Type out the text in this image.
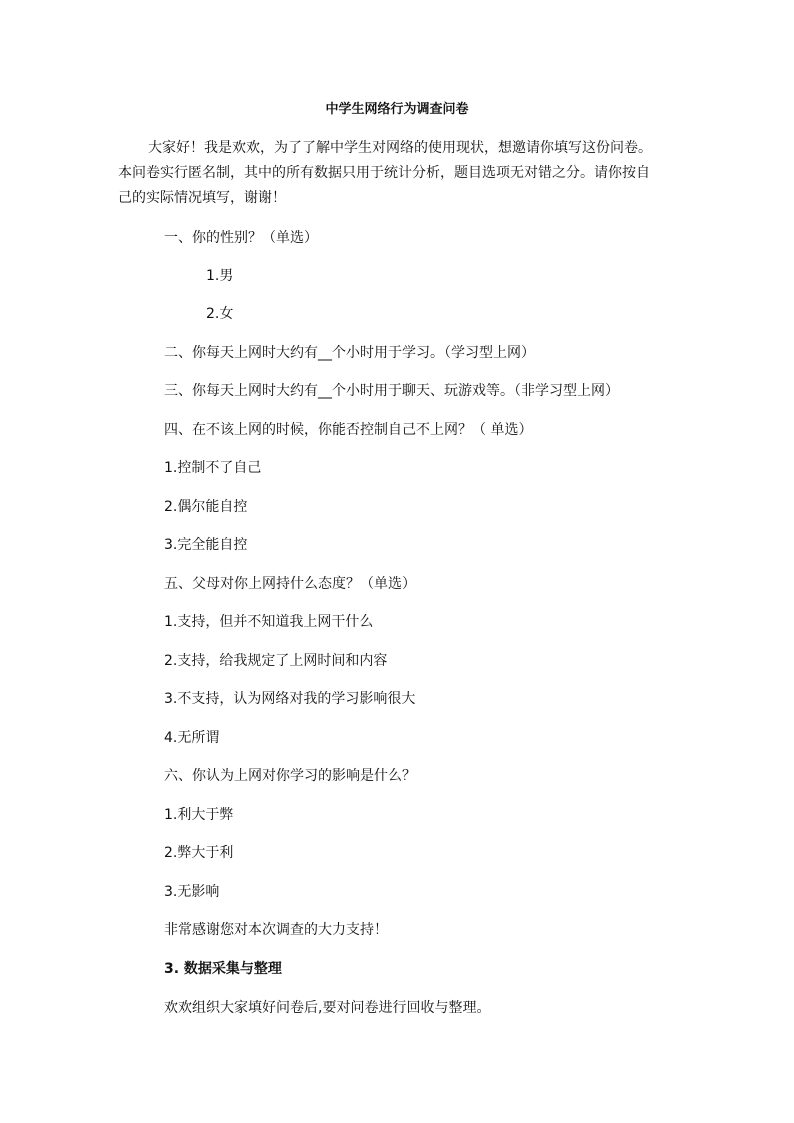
中学生网络行为调查问卷

大家好！我是欢欢，为了了解中学生对网络的使用现状，想邀请你填写这份问卷。

本问卷实行匿名制，其中的所有数据只用于统计分析，题目选项无对错之分。请你按自

己的实际情况填写，谢谢！

一、你的性别？（单选）
1.男
2.女
二、你每天上网时大约有__个小时用于学习。（学习型上网）
三、你每天上网时大约有__个小时用于聊天、玩游戏等。（非学习型上网）
四、在不该上网的时候，你能否控制自己不上网？（ 单选）
1.控制不了自己
2.偶尔能自控
3.完全能自控
五、父母对你上网持什么态度？（单选）
1.支持，但并不知道我上网干什么
2.支持，给我规定了上网时间和内容
3.不支持，认为网络对我的学习影响很大
4.无所谓
六、你认为上网对你学习的影响是什么？
1.利大于弊
2.弊大于利
3.无影响
非常感谢您对本次调查的大力支持！
3. 数据采集与整理
欢欢组织大家填好问卷后,要对问卷进行回收与整理。
